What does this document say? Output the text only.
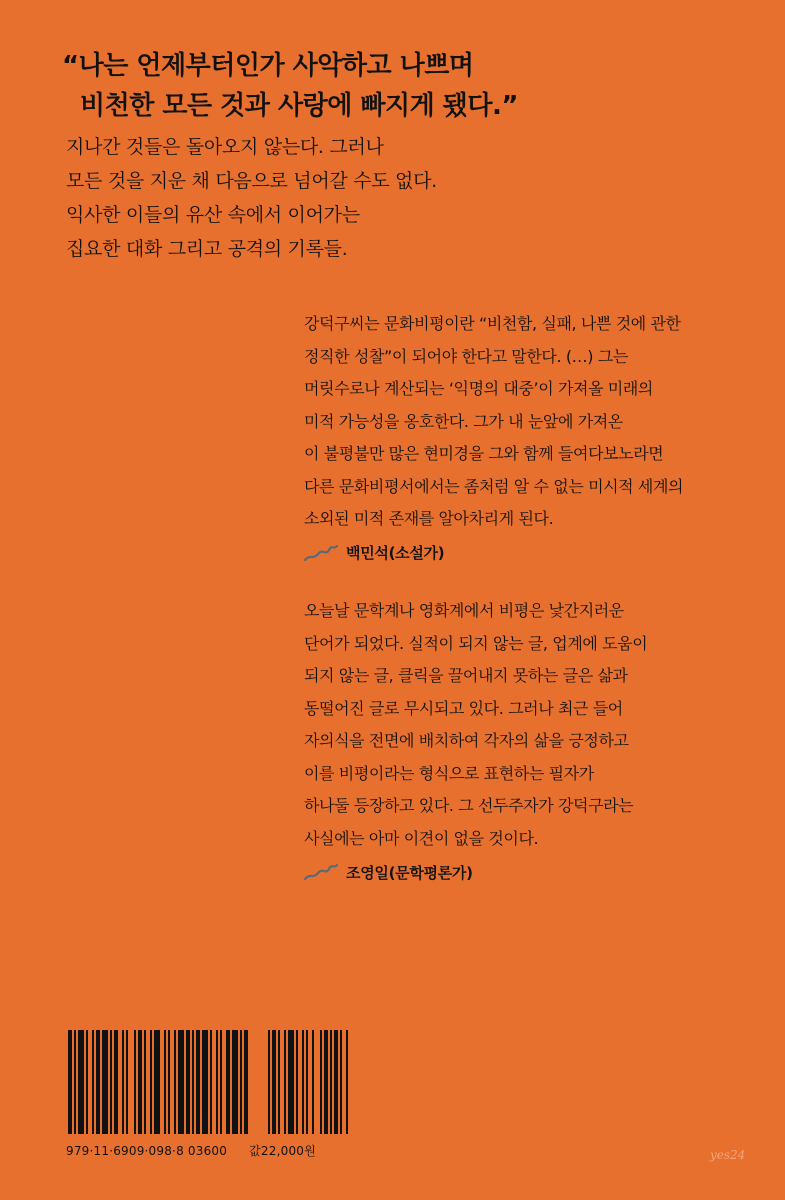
“나는 언제부터인가 사악하고 나쁘며
비천한 모든 것과 사랑에 빠지게 됐다.”

지나간 것들은 돌아오지 않는다. 그러나
모든 것을 지운 채 다음으로 넘어갈 수도 없다.
익사한 이들의 유산 속에서 이어가는
집요한 대화 그리고 공격의 기록들.

강덕구씨는 문화비평이란 “비천함, 실패, 나쁜 것에 관한
정직한 성찰”이 되어야 한다고 말한다. (…) 그는
머릿수로나 계산되는 ‘익명의 대중’이 가져올 미래의
미적 가능성을 옹호한다. 그가 내 눈앞에 가져온
이 불평불만 많은 현미경을 그와 함께 들여다보노라면
다른 문화비평서에서는 좀처럼 알 수 없는 미시적 세계의
소외된 미적 존재를 알아차리게 된다.

백민석(소설가)

오늘날 문학계나 영화계에서 비평은 낯간지러운
단어가 되었다. 실적이 되지 않는 글, 업계에 도움이
되지 않는 글, 클릭을 끌어내지 못하는 글은 삶과
동떨어진 글로 무시되고 있다. 그러나 최근 들어
자의식을 전면에 배치하여 각자의 삶을 긍정하고
이를 비평이라는 형식으로 표현하는 필자가
하나둘 등장하고 있다. 그 선두주자가 강덕구라는
사실에는 아마 이견이 없을 것이다.

조영일(문학평론가)
979·11·6909·098·8 03600 값22,000원	yes24
